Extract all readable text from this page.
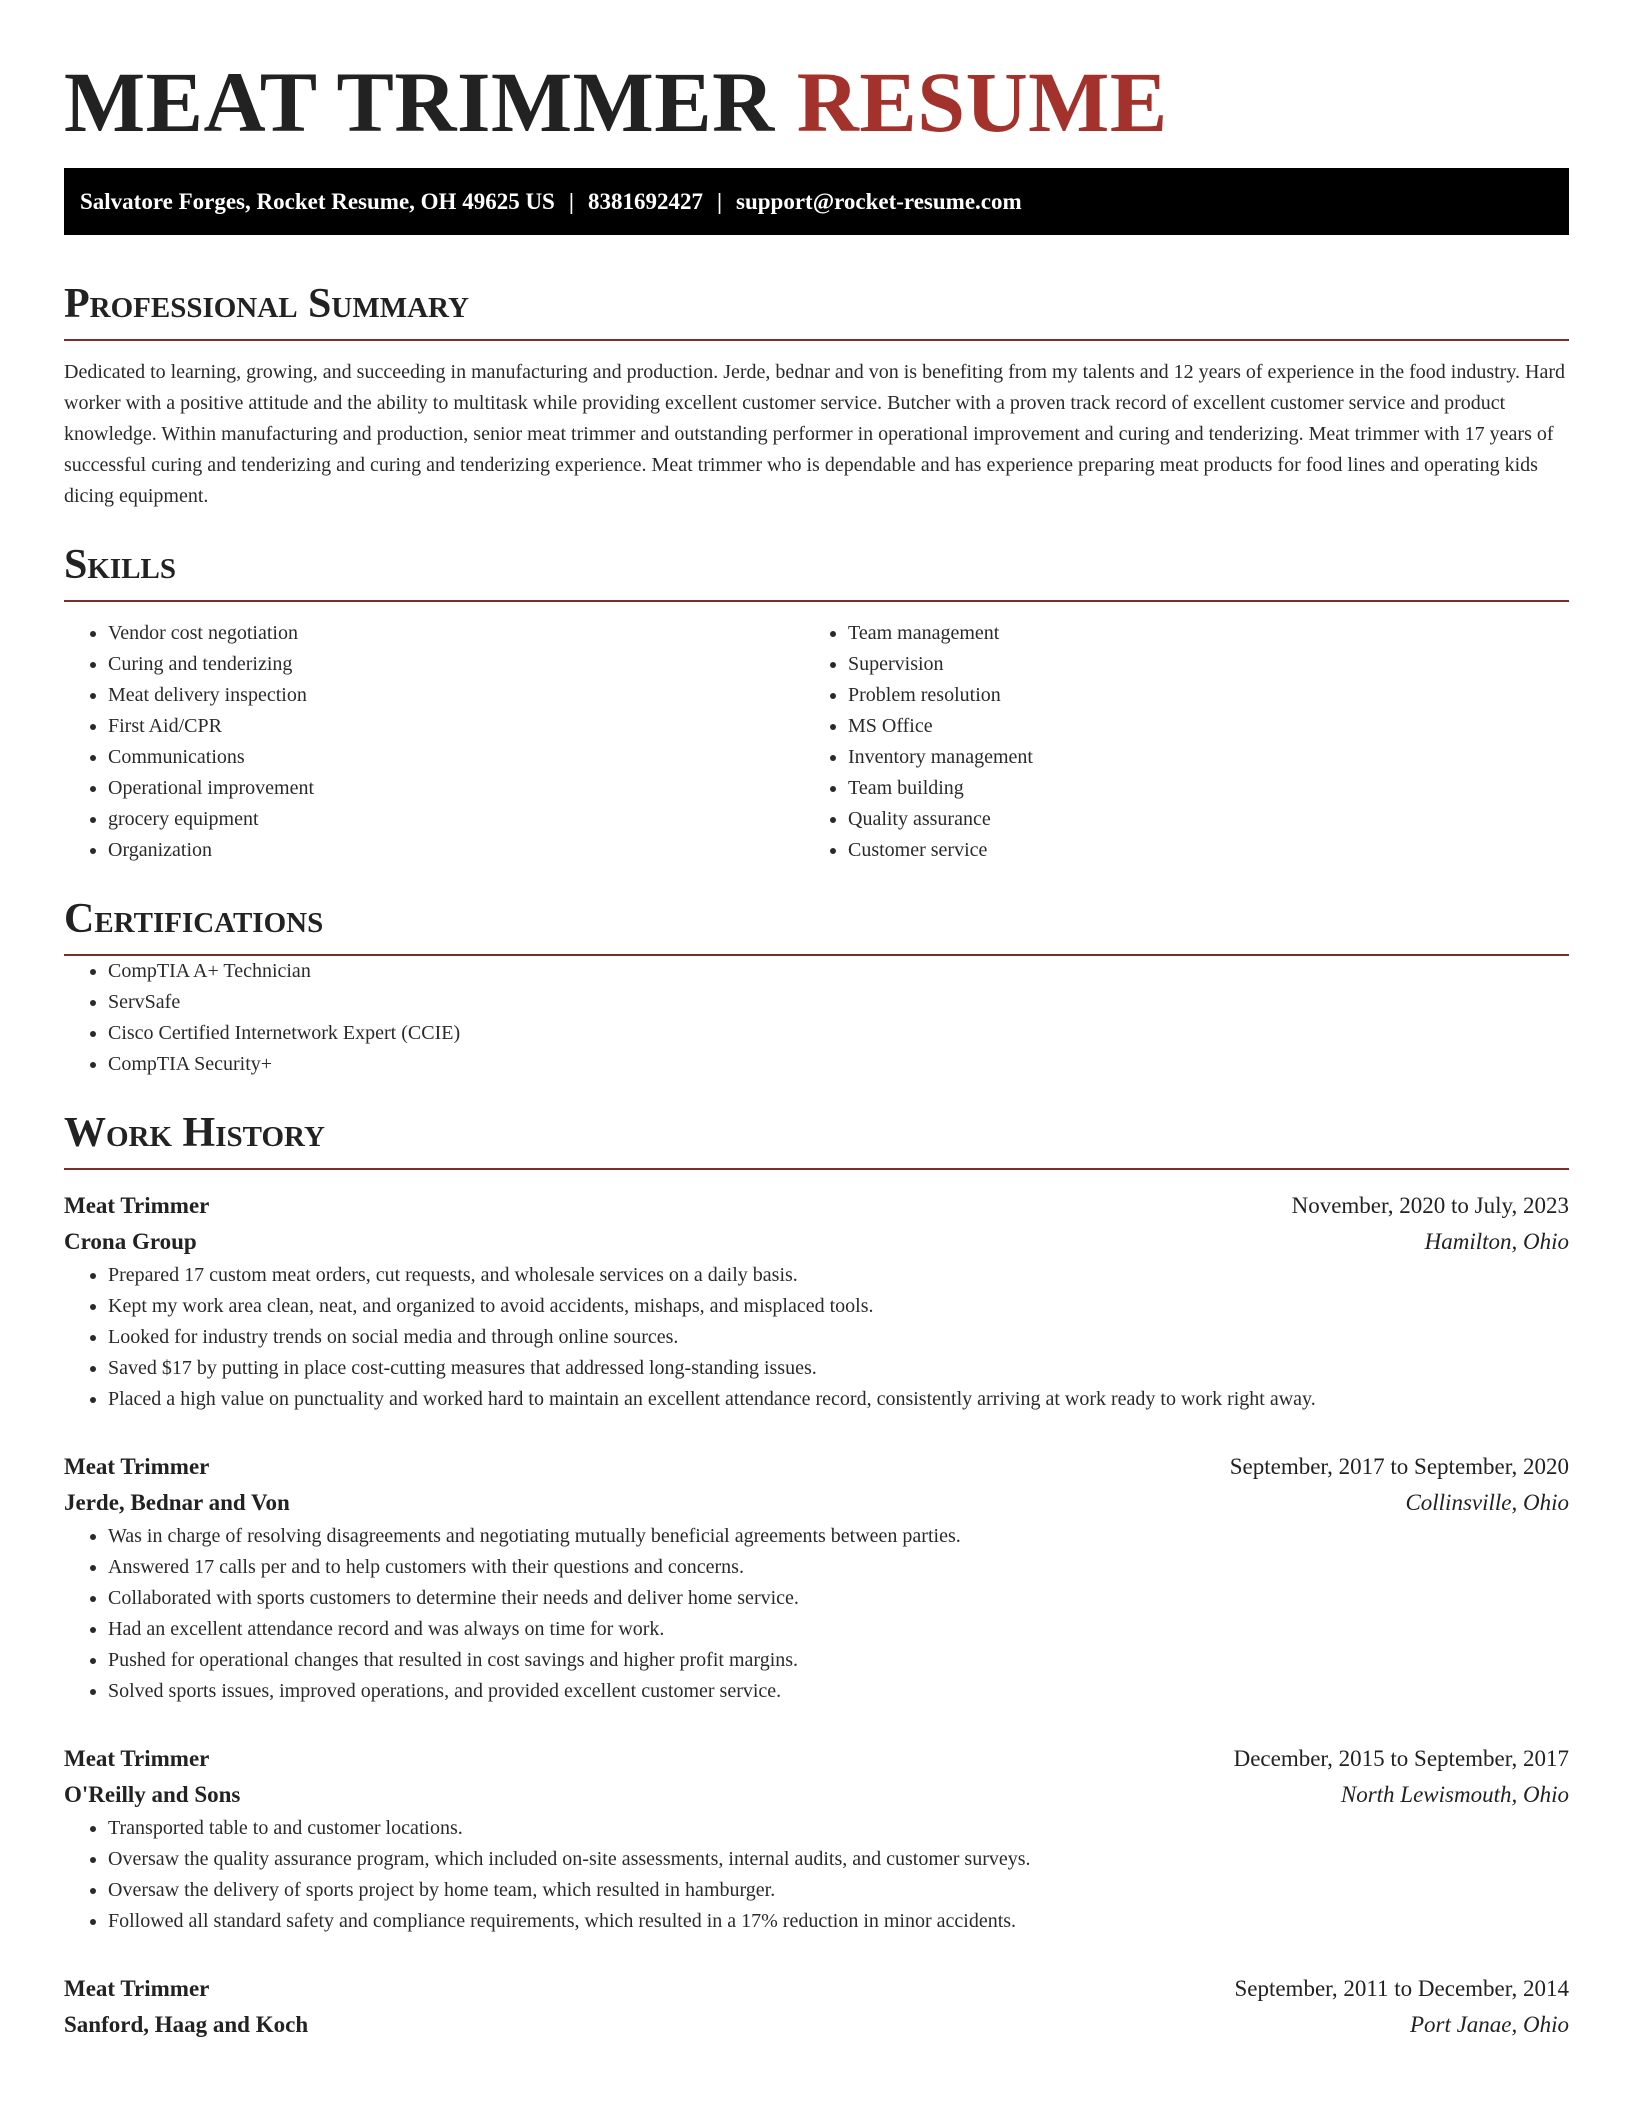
MEAT TRIMMER RESUME
Salvatore Forges, Rocket Resume, OH 49625 US | 8381692427 | support@rocket-resume.com
Professional Summary

Dedicated to learning, growing, and succeeding in manufacturing and production. Jerde, bednar and von is benefiting from my talents and 12 years of experience in the food industry. Hard worker with a positive attitude and the ability to multitask while providing excellent customer service. Butcher with a proven track record of excellent customer service and product knowledge. Within manufacturing and production, senior meat trimmer and outstanding performer in operational improvement and curing and tenderizing. Meat trimmer with 17 years of successful curing and tenderizing and curing and tenderizing experience. Meat trimmer who is dependable and has experience preparing meat products for food lines and operating kids dicing equipment.

Skills
• Vendor cost negotiation
• Curing and tenderizing
• Meat delivery inspection
• First Aid/CPR
• Communications
• Operational improvement
• grocery equipment
• Organization
• Team management
• Supervision
• Problem resolution
• MS Office
• Inventory management
• Team building
• Quality assurance
• Customer service
Certifications
• CompTIA A+ Technician
• ServSafe
• Cisco Certified Internetwork Expert (CCIE)
• CompTIA Security+
Work History
Meat Trimmer	November, 2020 to July, 2023
Crona Group	Hamilton, Ohio
• Prepared 17 custom meat orders, cut requests, and wholesale services on a daily basis.
• Kept my work area clean, neat, and organized to avoid accidents, mishaps, and misplaced tools.
• Looked for industry trends on social media and through online sources.
• Saved $17 by putting in place cost-cutting measures that addressed long-standing issues.
• Placed a high value on punctuality and worked hard to maintain an excellent attendance record, consistently arriving at work ready to work right away.
Meat Trimmer	September, 2017 to September, 2020
Jerde, Bednar and Von	Collinsville, Ohio
• Was in charge of resolving disagreements and negotiating mutually beneficial agreements between parties.
• Answered 17 calls per and to help customers with their questions and concerns.
• Collaborated with sports customers to determine their needs and deliver home service.
• Had an excellent attendance record and was always on time for work.
• Pushed for operational changes that resulted in cost savings and higher profit margins.
• Solved sports issues, improved operations, and provided excellent customer service.
Meat Trimmer	December, 2015 to September, 2017
O'Reilly and Sons	North Lewismouth, Ohio
• Transported table to and customer locations.
• Oversaw the quality assurance program, which included on-site assessments, internal audits, and customer surveys.
• Oversaw the delivery of sports project by home team, which resulted in hamburger.
• Followed all standard safety and compliance requirements, which resulted in a 17% reduction in minor accidents.
Meat Trimmer	September, 2011 to December, 2014
Sanford, Haag and Koch	Port Janae, Ohio
